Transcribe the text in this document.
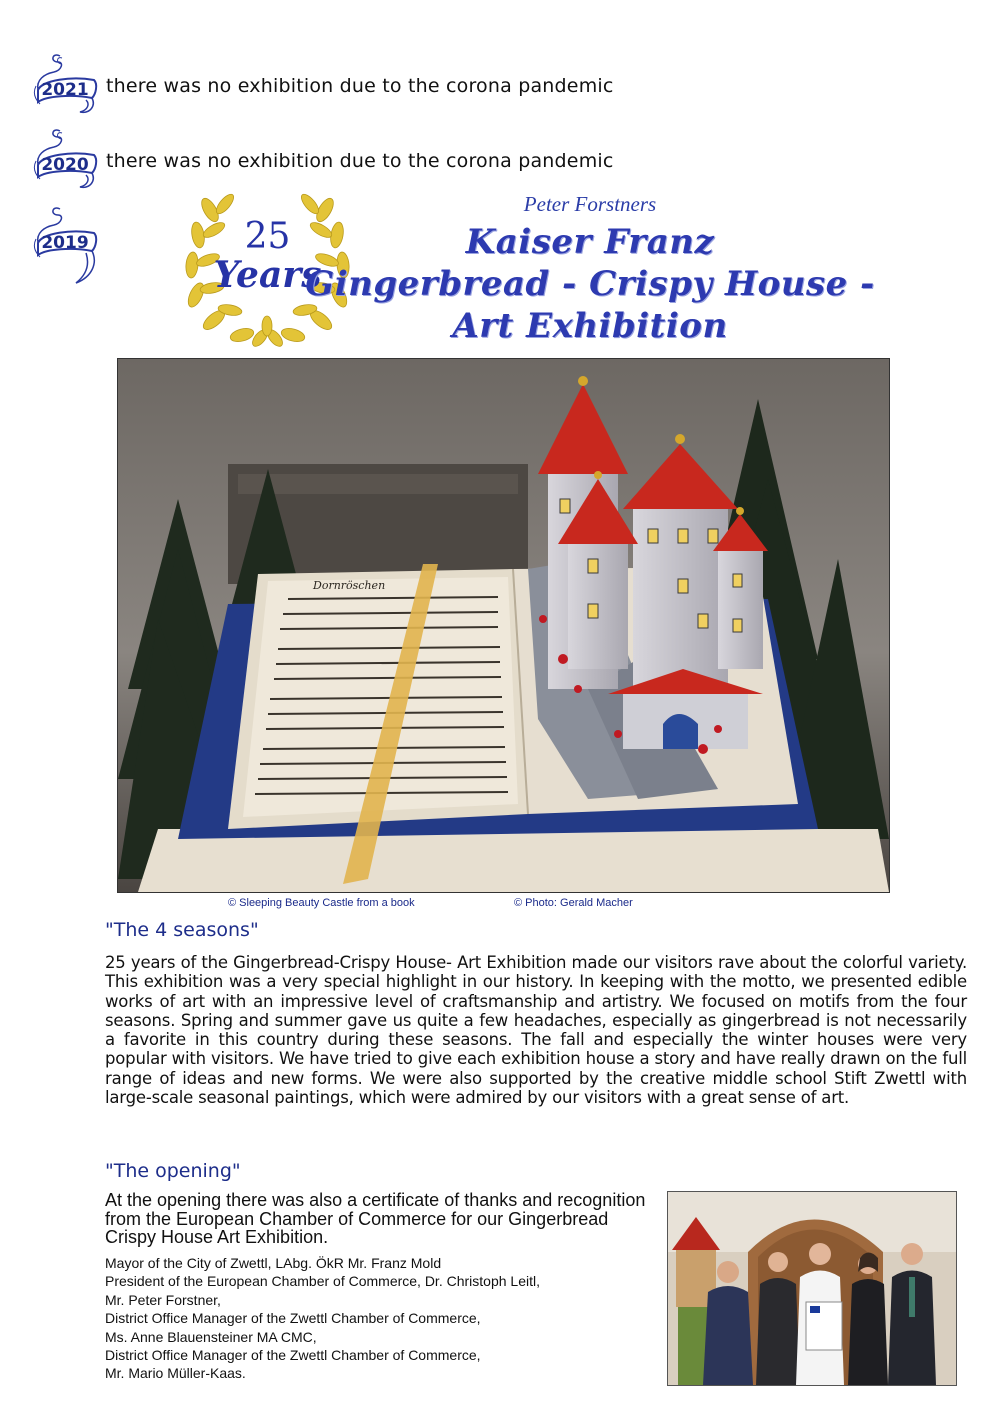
2021 there was no exhibition due to the corona pandemic
2020 there was no exhibition due to the corona pandemic
2019	25
Years
Peter Forstners
Kaiser Franz
Gingerbread - Crispy House -
Art Exhibition
Dornröschen
© Sleeping Beauty Castle from a book	© Photo: Gerald Macher
"The 4 seasons"
25 years of the Gingerbread-Crispy House- Art Exhibition made our visitors rave about the colorful variety. This exhibition was a very special highlight in our history. In keeping with the motto, we presented edible works of art with an impressive level of craftsmanship and artistry. We focused on motifs from the four seasons. Spring and summer gave us quite a few headaches, especially as gingerbread is not necessarily a favorite in this country during these seasons. The fall and especially the winter houses were very popular with visitors. We have tried to give each exhibition house a story and have really drawn on the full range of ideas and new forms. We were also supported by the creative middle school Stift Zwettl with large-scale seasonal paintings, which were admired by our visitors with a great sense of art.
"The opening"
At the opening there was also a certificate of thanks and recognition from the European Chamber of Commerce for our Gingerbread Crispy House Art Exhibition.
Mayor of the City of Zwettl, LAbg. ÖkR Mr. Franz Mold
President of the European Chamber of Commerce, Dr. Christoph Leitl,
Mr. Peter Forstner,
District Office Manager of the Zwettl Chamber of Commerce,
Ms. Anne Blauensteiner MA CMC,
District Office Manager of the Zwettl Chamber of Commerce,
Mr. Mario Müller-Kaas.
